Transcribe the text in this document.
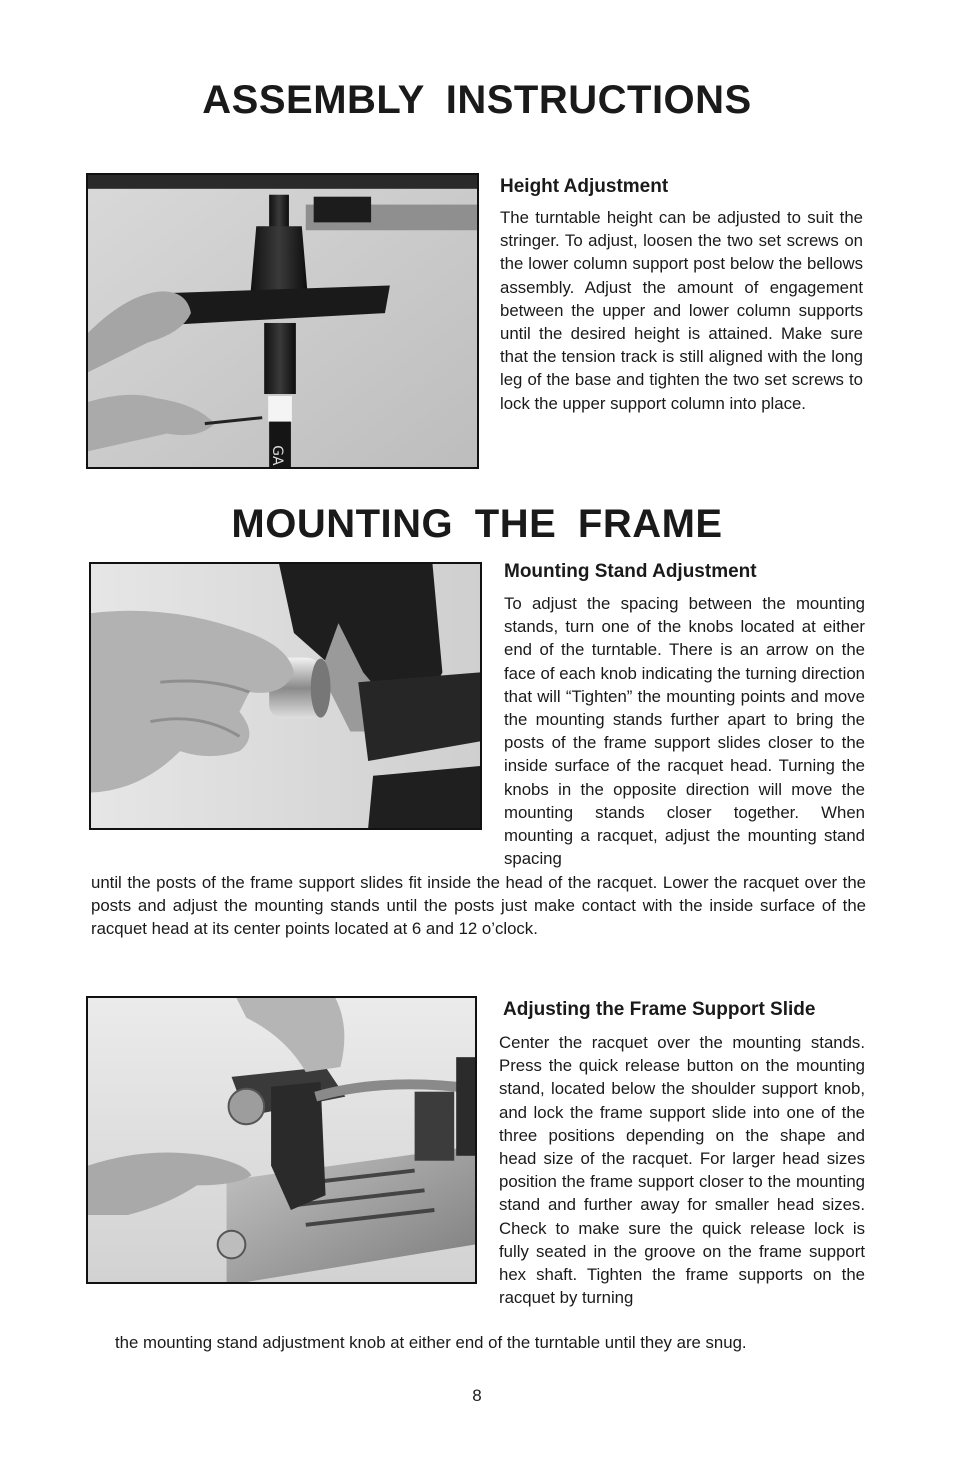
ASSEMBLY INSTRUCTIONS
GA
Height Adjustment

The turntable height can be adjusted to suit the stringer. To adjust, loosen the two set screws on the lower column support post below the bellows assembly. Adjust the amount of engagement between the upper and lower column supports until the desired height is attained. Make sure that the tension track is still aligned with the long leg of the base and tighten the two set screws to lock the upper support column into place.

MOUNTING THE FRAME
Mounting Stand Adjustment

To adjust the spacing between the mounting stands, turn one of the knobs located at either end of the turntable. There is an arrow on the face of each knob indicating the turning direction that will “Tighten” the mounting points and move the mounting stands further apart to bring the posts of the frame support slides closer to the inside surface of the racquet head. Turning the knobs in the opposite direction will move the mounting stands closer together. When mounting a racquet, adjust the mounting stand spacing

until the posts of the frame support slides fit inside the head of the racquet. Lower the racquet over the posts and adjust the mounting stands until the posts just make contact with the inside surface of the racquet head at its center points located at 6 and 12 o’clock.

Adjusting the Frame Support Slide

Center the racquet over the mounting stands. Press the quick release button on the mounting stand, located below the shoulder support knob, and lock the frame support slide into one of the three positions depending on the shape and head size of the racquet. For larger head sizes position the frame support closer to the mounting stand and further away for smaller head sizes. Check to make sure the quick release lock is fully seated in the groove on the frame support hex shaft. Tighten the frame supports on the racquet by turning

the mounting stand adjustment knob at either end of the turntable until they are snug.

8
